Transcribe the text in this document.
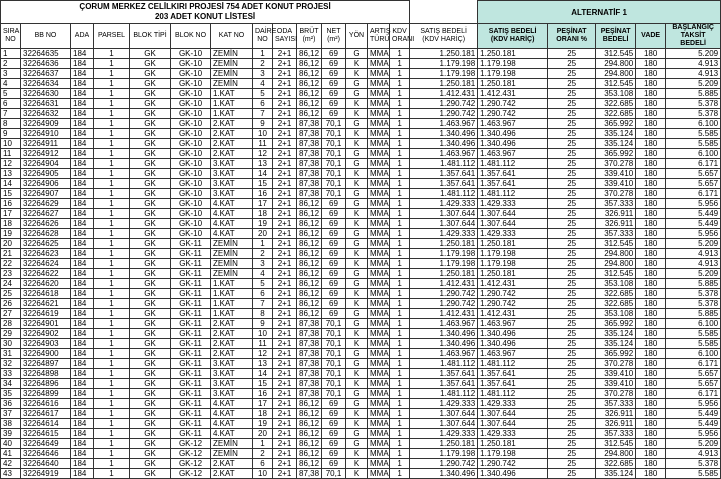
ÇORUM MERKEZ CELİLKIRI PROJESİ 754 ADET KONUT PROJESİ
203 ADET KONUT LİSTESİ															ALTERNATİF 1				
SIRA NO	BB NO	ADA	PARSEL	BLOK TİPİ	BLOK NO	KAT NO	DAİRE NO	ODA SAYISI	BRÜT (m²)	NET (m²)	YÖN	ARTIŞ TÜRÜ	KDV ORANI	SATIŞ BEDELİ (KDV HARİÇ)	SATIŞ BEDELİ (KDV HARİÇ)	PEŞİNAT ORANI %	PEŞİNAT BEDELİ	VADE	BAŞLANGIÇ TAKSİT BEDELİ
1	32264635	184	1	GK	GK-10	ZEMİN	1	2+1	86,12	69	G	MMA	1	1.250.181	1.250.181	25	312.545	180	5.209
2	32264636	184	1	GK	GK-10	ZEMİN	2	2+1	86,12	69	K	MMA	1	1.179.198	1.179.198	25	294.800	180	4.913
3	32264637	184	1	GK	GK-10	ZEMİN	3	2+1	86,12	69	K	MMA	1	1.179.198	1.179.198	25	294.800	180	4.913
4	32264634	184	1	GK	GK-10	ZEMİN	4	2+1	86,12	69	G	MMA	1	1.250.181	1.250.181	25	312.545	180	5.209
5	32264630	184	1	GK	GK-10	1.KAT	5	2+1	86,12	69	G	MMA	1	1.412.431	1.412.431	25	353.108	180	5.885
6	32264631	184	1	GK	GK-10	1.KAT	6	2+1	86,12	69	K	MMA	1	1.290.742	1.290.742	25	322.685	180	5.378
7	32264632	184	1	GK	GK-10	1.KAT	7	2+1	86,12	69	K	MMA	1	1.290.742	1.290.742	25	322.685	180	5.378
8	32264909	184	1	GK	GK-10	2.KAT	9	2+1	87,38	70,1	G	MMA	1	1.463.967	1.463.967	25	365.992	180	6.100
9	32264910	184	1	GK	GK-10	2.KAT	10	2+1	87,38	70,1	K	MMA	1	1.340.496	1.340.496	25	335.124	180	5.585
10	32264911	184	1	GK	GK-10	2.KAT	11	2+1	87,38	70,1	K	MMA	1	1.340.496	1.340.496	25	335.124	180	5.585
11	32264912	184	1	GK	GK-10	2.KAT	12	2+1	87,38	70,1	G	MMA	1	1.463.967	1.463.967	25	365.992	180	6.100
12	32264904	184	1	GK	GK-10	3.KAT	13	2+1	87,38	70,1	G	MMA	1	1.481.112	1.481.112	25	370.278	180	6.171
13	32264905	184	1	GK	GK-10	3.KAT	14	2+1	87,38	70,1	K	MMA	1	1.357.641	1.357.641	25	339.410	180	5.657
14	32264906	184	1	GK	GK-10	3.KAT	15	2+1	87,38	70,1	K	MMA	1	1.357.641	1.357.641	25	339.410	180	5.657
15	32264907	184	1	GK	GK-10	3.KAT	16	2+1	87,38	70,1	G	MMA	1	1.481.112	1.481.112	25	370.278	180	6.171
16	32264629	184	1	GK	GK-10	4.KAT	17	2+1	86,12	69	G	MMA	1	1.429.333	1.429.333	25	357.333	180	5.956
17	32264627	184	1	GK	GK-10	4.KAT	18	2+1	86,12	69	K	MMA	1	1.307.644	1.307.644	25	326.911	180	5.449
18	32264626	184	1	GK	GK-10	4.KAT	19	2+1	86,12	69	K	MMA	1	1.307.644	1.307.644	25	326.911	180	5.449
19	32264628	184	1	GK	GK-10	4.KAT	20	2+1	86,12	69	G	MMA	1	1.429.333	1.429.333	25	357.333	180	5.956
20	32264625	184	1	GK	GK-11	ZEMİN	1	2+1	86,12	69	G	MMA	1	1.250.181	1.250.181	25	312.545	180	5.209
21	32264623	184	1	GK	GK-11	ZEMİN	2	2+1	86,12	69	K	MMA	1	1.179.198	1.179.198	25	294.800	180	4.913
22	32264624	184	1	GK	GK-11	ZEMİN	3	2+1	86,12	69	K	MMA	1	1.179.198	1.179.198	25	294.800	180	4.913
23	32264622	184	1	GK	GK-11	ZEMİN	4	2+1	86,12	69	G	MMA	1	1.250.181	1.250.181	25	312.545	180	5.209
24	32264620	184	1	GK	GK-11	1.KAT	5	2+1	86,12	69	G	MMA	1	1.412.431	1.412.431	25	353.108	180	5.885
25	32264618	184	1	GK	GK-11	1.KAT	6	2+1	86,12	69	K	MMA	1	1.290.742	1.290.742	25	322.685	180	5.378
26	32264621	184	1	GK	GK-11	1.KAT	7	2+1	86,12	69	K	MMA	1	1.290.742	1.290.742	25	322.685	180	5.378
27	32264619	184	1	GK	GK-11	1.KAT	8	2+1	86,12	69	G	MMA	1	1.412.431	1.412.431	25	353.108	180	5.885
28	32264901	184	1	GK	GK-11	2.KAT	9	2+1	87,38	70,1	G	MMA	1	1.463.967	1.463.967	25	365.992	180	6.100
29	32264902	184	1	GK	GK-11	2.KAT	10	2+1	87,38	70,1	K	MMA	1	1.340.496	1.340.496	25	335.124	180	5.585
30	32264903	184	1	GK	GK-11	2.KAT	11	2+1	87,38	70,1	K	MMA	1	1.340.496	1.340.496	25	335.124	180	5.585
31	32264900	184	1	GK	GK-11	2.KAT	12	2+1	87,38	70,1	G	MMA	1	1.463.967	1.463.967	25	365.992	180	6.100
32	32264897	184	1	GK	GK-11	3.KAT	13	2+1	87,38	70,1	G	MMA	1	1.481.112	1.481.112	25	370.278	180	6.171
33	32264898	184	1	GK	GK-11	3.KAT	14	2+1	87,38	70,1	K	MMA	1	1.357.641	1.357.641	25	339.410	180	5.657
34	32264896	184	1	GK	GK-11	3.KAT	15	2+1	87,38	70,1	K	MMA	1	1.357.641	1.357.641	25	339.410	180	5.657
35	32264899	184	1	GK	GK-11	3.KAT	16	2+1	87,38	70,1	G	MMA	1	1.481.112	1.481.112	25	370.278	180	6.171
36	32264616	184	1	GK	GK-11	4.KAT	17	2+1	86,12	69	G	MMA	1	1.429.333	1.429.333	25	357.333	180	5.956
37	32264617	184	1	GK	GK-11	4.KAT	18	2+1	86,12	69	K	MMA	1	1.307.644	1.307.644	25	326.911	180	5.449
38	32264614	184	1	GK	GK-11	4.KAT	19	2+1	86,12	69	K	MMA	1	1.307.644	1.307.644	25	326.911	180	5.449
39	32264615	184	1	GK	GK-11	4.KAT	20	2+1	86,12	69	G	MMA	1	1.429.333	1.429.333	25	357.333	180	5.956
40	32264649	184	1	GK	GK-12	ZEMİN	1	2+1	86,12	69	G	MMA	1	1.250.181	1.250.181	25	312.545	180	5.209
41	32264646	184	1	GK	GK-12	ZEMİN	2	2+1	86,12	69	K	MMA	1	1.179.198	1.179.198	25	294.800	180	4.913
42	32264640	184	1	GK	GK-12	2.KAT	6	2+1	86,12	69	K	MMA	1	1.290.742	1.290.742	25	322.685	180	5.378
43	32264919	184	1	GK	GK-12	2.KAT	10	2+1	87,38	70,1	K	MMA	1	1.340.496	1.340.496	25	335.124	180	5.585
